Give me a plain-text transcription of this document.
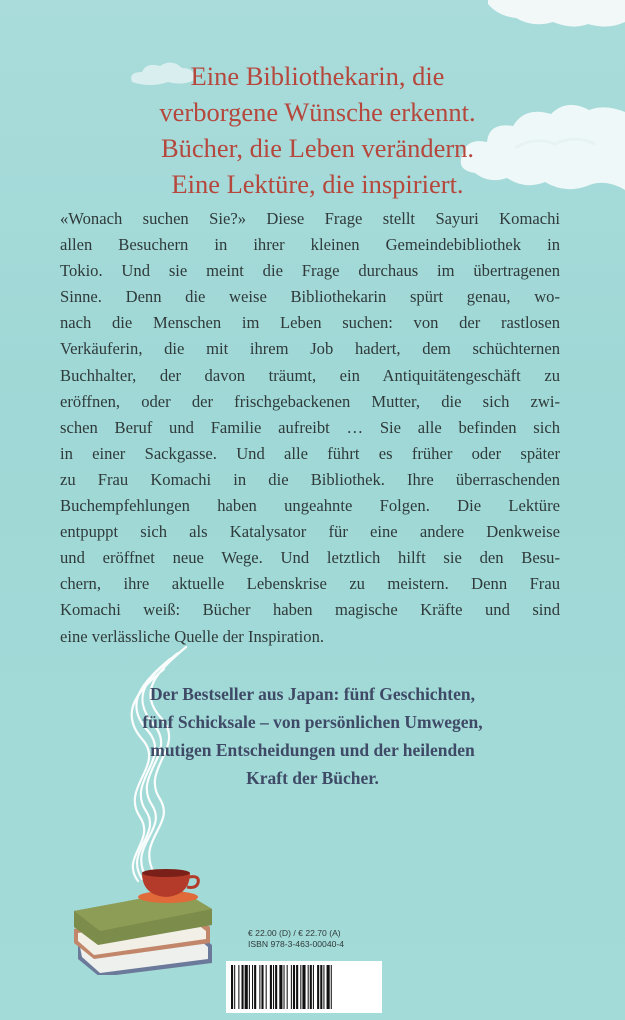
Eine Bibliothekarin, die
verborgene Wünsche erkennt.
Bücher, die Leben verändern.
Eine Lektüre, die inspiriert.

«Wonach suchen Sie?» Diese Frage stellt Sayuri Komachi
allen Besuchern in ihrer kleinen Gemeindebibliothek in
Tokio. Und sie meint die Frage durchaus im übertragenen
Sinne. Denn die weise Bibliothekarin spürt genau, wo-
nach die Menschen im Leben suchen: von der rastlosen
Verkäuferin, die mit ihrem Job hadert, dem schüchternen
Buchhalter, der davon träumt, ein Antiquitätengeschäft zu
eröffnen, oder der frischgebackenen Mutter, die sich zwi-
schen Beruf und Familie aufreibt … Sie alle befinden sich
in einer Sackgasse. Und alle führt es früher oder später
zu Frau Komachi in die Bibliothek. Ihre überraschenden
Buchempfehlungen haben ungeahnte Folgen. Die Lektüre
entpuppt sich als Katalysator für eine andere Denkweise
und eröffnet neue Wege. Und letztlich hilft sie den Besu-
chern, ihre aktuelle Lebenskrise zu meistern. Denn Frau
Komachi weiß: Bücher haben magische Kräfte und sind
eine verlässliche Quelle der Inspiration.

Der Bestseller aus Japan: fünf Geschichten,
fünf Schicksale – von persönlichen Umwegen,
mutigen Entscheidungen und der heilenden
Kraft der Bücher.

€ 22.00 (D) / € 22.70 (A)
ISBN 978-3-463-00040-4
